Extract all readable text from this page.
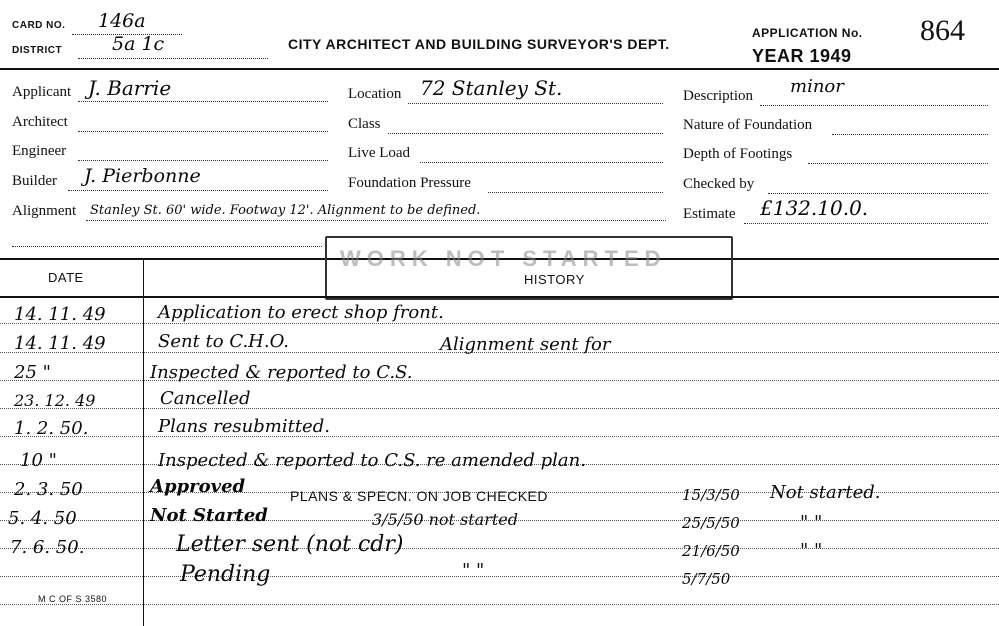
CARD NO. 146a
DISTRICT	5a 1c	CITY ARCHITECT AND BUILDING SURVEYOR'S DEPT.
APPLICATION No. 864
YEAR 1949
Applicant J. Barrie
Architect
Engineer
Builder J. Pierbonne
Alignment Stanley St. 60' wide. Footway 12'. Alignment to be defined.
Location 72 Stanley St.
Class
Live Load
Foundation Pressure
Description minor
Nature of Foundation
Depth of Footings
Checked by
Estimate £132.10.0.
DATE
WORK NOT STARTED
HISTORY
14. 11. 49	Application to erect shop front.
14. 11. 49	Sent to C.H.O.	Alignment sent for
25 "	Inspected & reported to C.S.
23. 12. 49	Cancelled
1. 2. 50.	Plans resubmitted.
10 "	Inspected & reported to C.S. re amended plan.
2. 3. 50	Approved	PLANS & SPECN. ON JOB CHECKED	15/3/50 Not started.
5. 4. 50	Not Started	3/5/50 not started	25/5/50	" "
7. 6. 50.	Letter sent (not cdr)	21/6/50	" "
Pending	" "	5/7/50
M C OF S 3580
